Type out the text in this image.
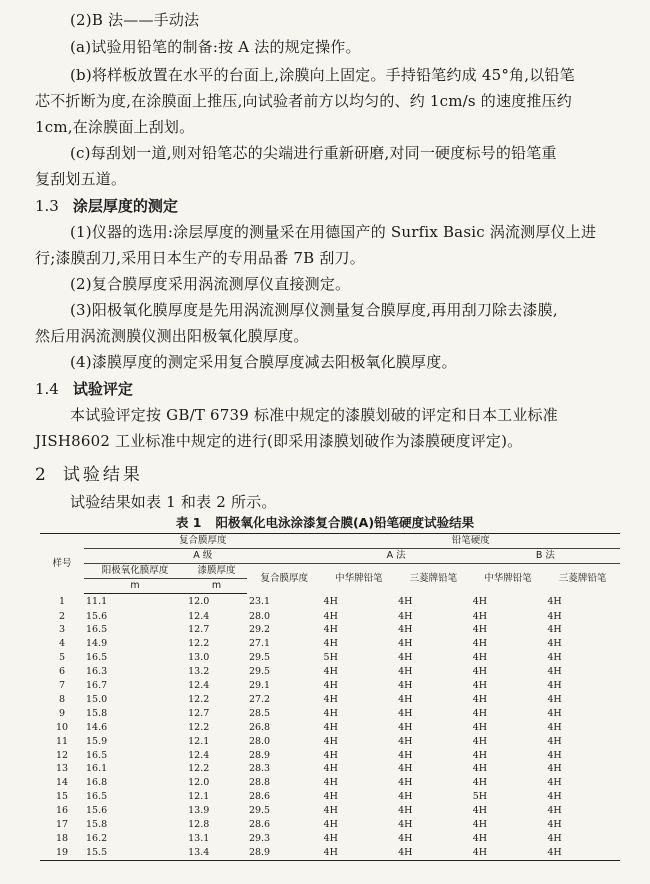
(2)B 法——手动法
(a)试验用铅笔的制备:按 A 法的规定操作。
(b)将样板放置在水平的台面上,涂膜向上固定。手持铅笔约成 45°角,以铅笔
芯不折断为度,在涂膜面上推压,向试验者前方以均匀的、约 1cm/s 的速度推压约
1cm,在涂膜面上刮划。
(c)每刮划一道,则对铅笔芯的尖端进行重新研磨,对同一硬度标号的铅笔重
复刮划五道。
1.3 涂层厚度的测定
(1)仪器的选用:涂层厚度的测量采在用德国产的 Surfix Basic 涡流测厚仪上进
行;漆膜刮刀,采用日本生产的专用品番 7B 刮刀。
(2)复合膜厚度采用涡流测厚仪直接测定。
(3)阳极氧化膜厚度是先用涡流测厚仪测量复合膜厚度,再用刮刀除去漆膜,
然后用涡流测膜仪测出阳极氧化膜厚度。
(4)漆膜厚度的测定采用复合膜厚度减去阳极氧化膜厚度。
1.4 试验评定
本试验评定按 GB/T 6739 标准中规定的漆膜划破的评定和日本工业标准
JISH8602 工业标准中规定的进行(即采用漆膜划破作为漆膜硬度评定)。
2 试验结果
试验结果如表 1 和表 2 所示。
表 1 阳极氧化电泳涂漆复合膜(A)铅笔硬度试验结果
样号	复合膜厚度			铅笔硬度			
	A 级			A 法		B 法	
	阳极氧化膜厚度	漆膜厚度	复合膜厚度	中华牌铅笔	三菱牌铅笔	中华牌铅笔	三菱牌铅笔
	m	m					
1	11.1	12.0	23.1	4H	4H	4H	4H
2	15.6	12.4	28.0	4H	4H	4H	4H
3	16.5	12.7	29.2	4H	4H	4H	4H
4	14.9	12.2	27.1	4H	4H	4H	4H
5	16.5	13.0	29.5	5H	4H	4H	4H
6	16.3	13.2	29.5	4H	4H	4H	4H
7	16.7	12.4	29.1	4H	4H	4H	4H
8	15.0	12.2	27.2	4H	4H	4H	4H
9	15.8	12.7	28.5	4H	4H	4H	4H
10	14.6	12.2	26.8	4H	4H	4H	4H
11	15.9	12.1	28.0	4H	4H	4H	4H
12	16.5	12.4	28.9	4H	4H	4H	4H
13	16.1	12.2	28.3	4H	4H	4H	4H
14	16.8	12.0	28.8	4H	4H	4H	4H
15	16.5	12.1	28.6	4H	4H	5H	4H
16	15.6	13.9	29.5	4H	4H	4H	4H
17	15.8	12.8	28.6	4H	4H	4H	4H
18	16.2	13.1	29.3	4H	4H	4H	4H
19	15.5	13.4	28.9	4H	4H	4H	4H
